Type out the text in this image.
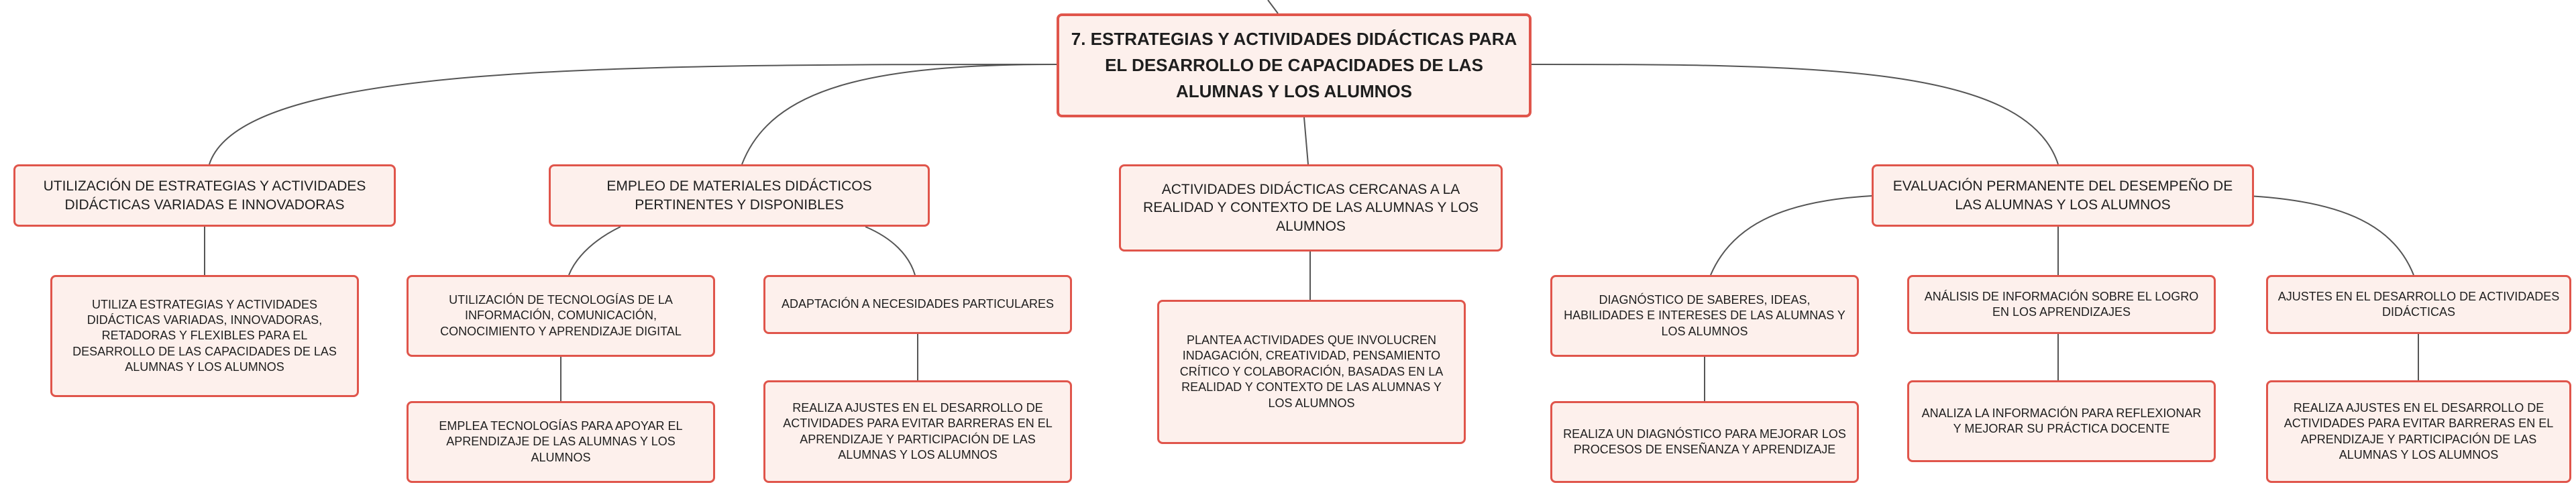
7. ESTRATEGIAS Y ACTIVIDADES DIDÁCTICAS PARA EL DESARROLLO DE CAPACIDADES DE LAS ALUMNAS Y LOS ALUMNOS
UTILIZACIÓN DE ESTRATEGIAS Y ACTIVIDADES DIDÁCTICAS VARIADAS E INNOVADORAS
EMPLEO DE MATERIALES DIDÁCTICOS PERTINENTES Y DISPONIBLES
ACTIVIDADES DIDÁCTICAS CERCANAS A LA REALIDAD Y CONTEXTO DE LAS ALUMNAS Y LOS ALUMNOS
EVALUACIÓN PERMANENTE DEL DESEMPEÑO DE LAS ALUMNAS Y LOS ALUMNOS
UTILIZA ESTRATEGIAS Y ACTIVIDADES DIDÁCTICAS VARIADAS, INNOVADORAS, RETADORAS Y FLEXIBLES PARA EL DESARROLLO DE LAS CAPACIDADES DE LAS ALUMNAS Y LOS ALUMNOS
UTILIZACIÓN DE TECNOLOGÍAS DE LA INFORMACIÓN, COMUNICACIÓN, CONOCIMIENTO Y APRENDIZAJE DIGITAL
ADAPTACIÓN A NECESIDADES PARTICULARES
PLANTEA ACTIVIDADES QUE INVOLUCREN INDAGACIÓN, CREATIVIDAD, PENSAMIENTO CRÍTICO Y COLABORACIÓN, BASADAS EN LA REALIDAD Y CONTEXTO DE LAS ALUMNAS Y LOS ALUMNOS
DIAGNÓSTICO DE SABERES, IDEAS, HABILIDADES E INTERESES DE LAS ALUMNAS Y LOS ALUMNOS
ANÁLISIS DE INFORMACIÓN SOBRE EL LOGRO EN LOS APRENDIZAJES
AJUSTES EN EL DESARROLLO DE ACTIVIDADES DIDÁCTICAS
EMPLEA TECNOLOGÍAS PARA APOYAR EL APRENDIZAJE DE LAS ALUMNAS Y LOS ALUMNOS
REALIZA AJUSTES EN EL DESARROLLO DE ACTIVIDADES PARA EVITAR BARRERAS EN EL APRENDIZAJE Y PARTICIPACIÓN DE LAS ALUMNAS Y LOS ALUMNOS
REALIZA UN DIAGNÓSTICO PARA MEJORAR LOS PROCESOS DE ENSEÑANZA Y APRENDIZAJE
ANALIZA LA INFORMACIÓN PARA REFLEXIONAR Y MEJORAR SU PRÁCTICA DOCENTE
REALIZA AJUSTES EN EL DESARROLLO DE ACTIVIDADES PARA EVITAR BARRERAS EN EL APRENDIZAJE Y PARTICIPACIÓN DE LAS ALUMNAS Y LOS ALUMNOS
